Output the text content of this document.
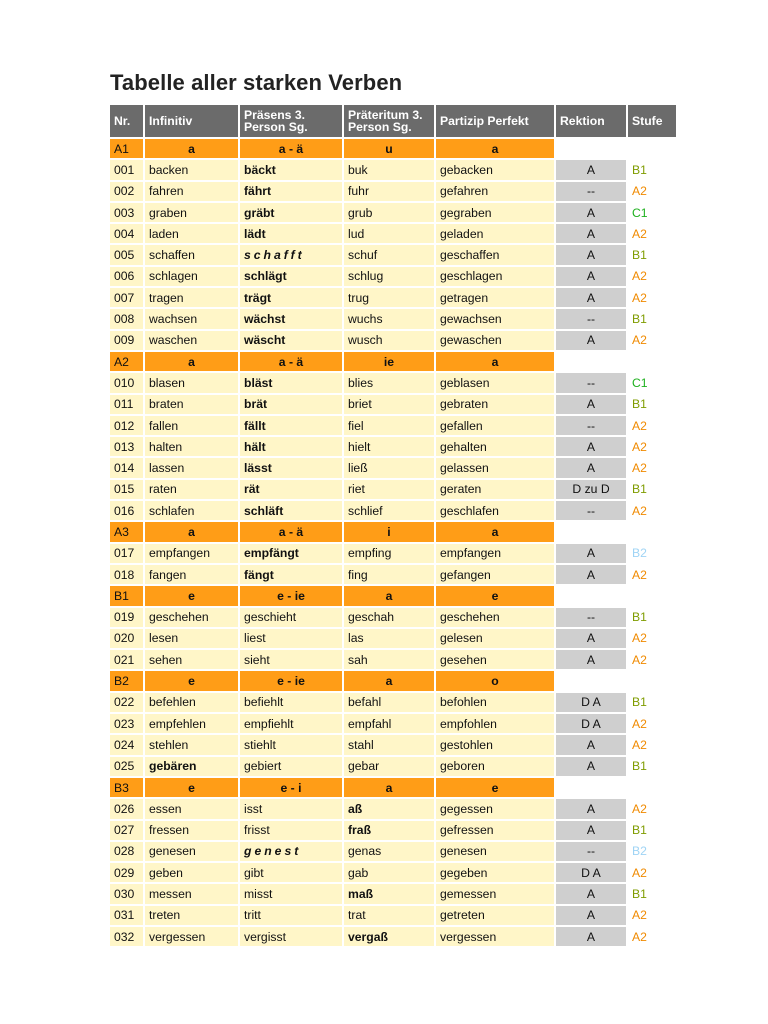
Tabelle aller starken Verben
Nr.	Infinitiv	Präsens 3.
Person Sg.	Präteritum 3.
Person Sg.	Partizip Perfekt	Rektion	Stufe
A1	a	a - ä	u	a		
001	backen	bäckt	buk	gebacken	A	B1
002	fahren	fährt	fuhr	gefahren	--	A2
003	graben	gräbt	grub	gegraben	A	C1
004	laden	lädt	lud	geladen	A	A2
005	schaffen	schafft	schuf	geschaffen	A	B1
006	schlagen	schlägt	schlug	geschlagen	A	A2
007	tragen	trägt	trug	getragen	A	A2
008	wachsen	wächst	wuchs	gewachsen	--	B1
009	waschen	wäscht	wusch	gewaschen	A	A2
A2	a	a - ä	ie	a		
010	blasen	bläst	blies	geblasen	--	C1
011	braten	brät	briet	gebraten	A	B1
012	fallen	fällt	fiel	gefallen	--	A2
013	halten	hält	hielt	gehalten	A	A2
014	lassen	lässt	ließ	gelassen	A	A2
015	raten	rät	riet	geraten	D zu D	B1
016	schlafen	schläft	schlief	geschlafen	--	A2
A3	a	a - ä	i	a		
017	empfangen	empfängt	empfing	empfangen	A	B2
018	fangen	fängt	fing	gefangen	A	A2
B1	e	e - ie	a	e		
019	geschehen	geschieht	geschah	geschehen	--	B1
020	lesen	liest	las	gelesen	A	A2
021	sehen	sieht	sah	gesehen	A	A2
B2	e	e - ie	a	o		
022	befehlen	befiehlt	befahl	befohlen	D A	B1
023	empfehlen	empfiehlt	empfahl	empfohlen	D A	A2
024	stehlen	stiehlt	stahl	gestohlen	A	A2
025	gebären	gebiert	gebar	geboren	A	B1
B3	e	e - i	a	e		
026	essen	isst	aß	gegessen	A	A2
027	fressen	frisst	fraß	gefressen	A	B1
028	genesen	genest	genas	genesen	--	B2
029	geben	gibt	gab	gegeben	D A	A2
030	messen	misst	maß	gemessen	A	B1
031	treten	tritt	trat	getreten	A	A2
032	vergessen	vergisst	vergaß	vergessen	A	A2
